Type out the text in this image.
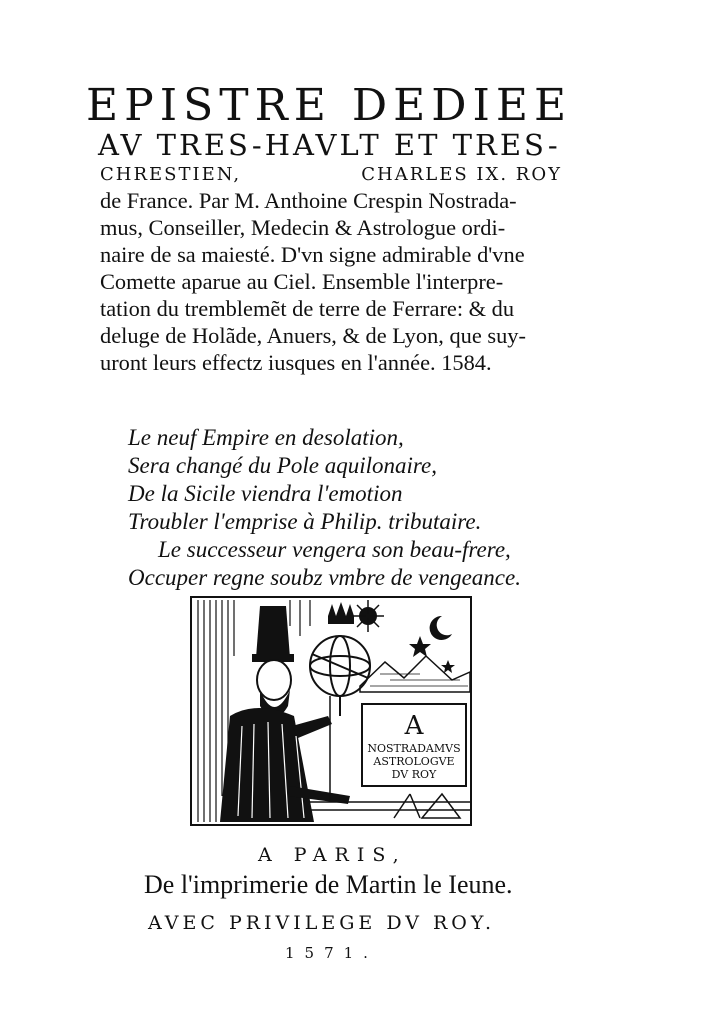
EPISTRE DEDIEE
AV TRES-HAVLT ET TRES-
CHRESTIEN,	CHARLES IX. ROY
de France. Par M. Anthoine Crespin Nostrada-
mus, Conseiller, Medecin & Astrologue ordi-
naire de sa maiesté. D'vn signe admirable d'vne
Comette aparue au Ciel. Ensemble l'interpre-
tation du tremblemẽt de terre de Ferrare: & du
deluge de Holãde, Anuers, & de Lyon, que suy-
uront leurs effectz iusques en l'année. 1584.
Le neuf Empire en desolation,
Sera changé du Pole aquilonaire,
De la Sicile viendra l'emotion
Troubler l'emprise à Philip. tributaire.
Le successeur vengera son beau-frere,
Occuper regne soubz vmbre de vengeance.
A
NOSTRADAMVS
ASTROLOGVE
DV ROY
A PARIS,
De l'imprimerie de Martin le Ieune.
AVEC PRIVILEGE DV ROY.
1571.
